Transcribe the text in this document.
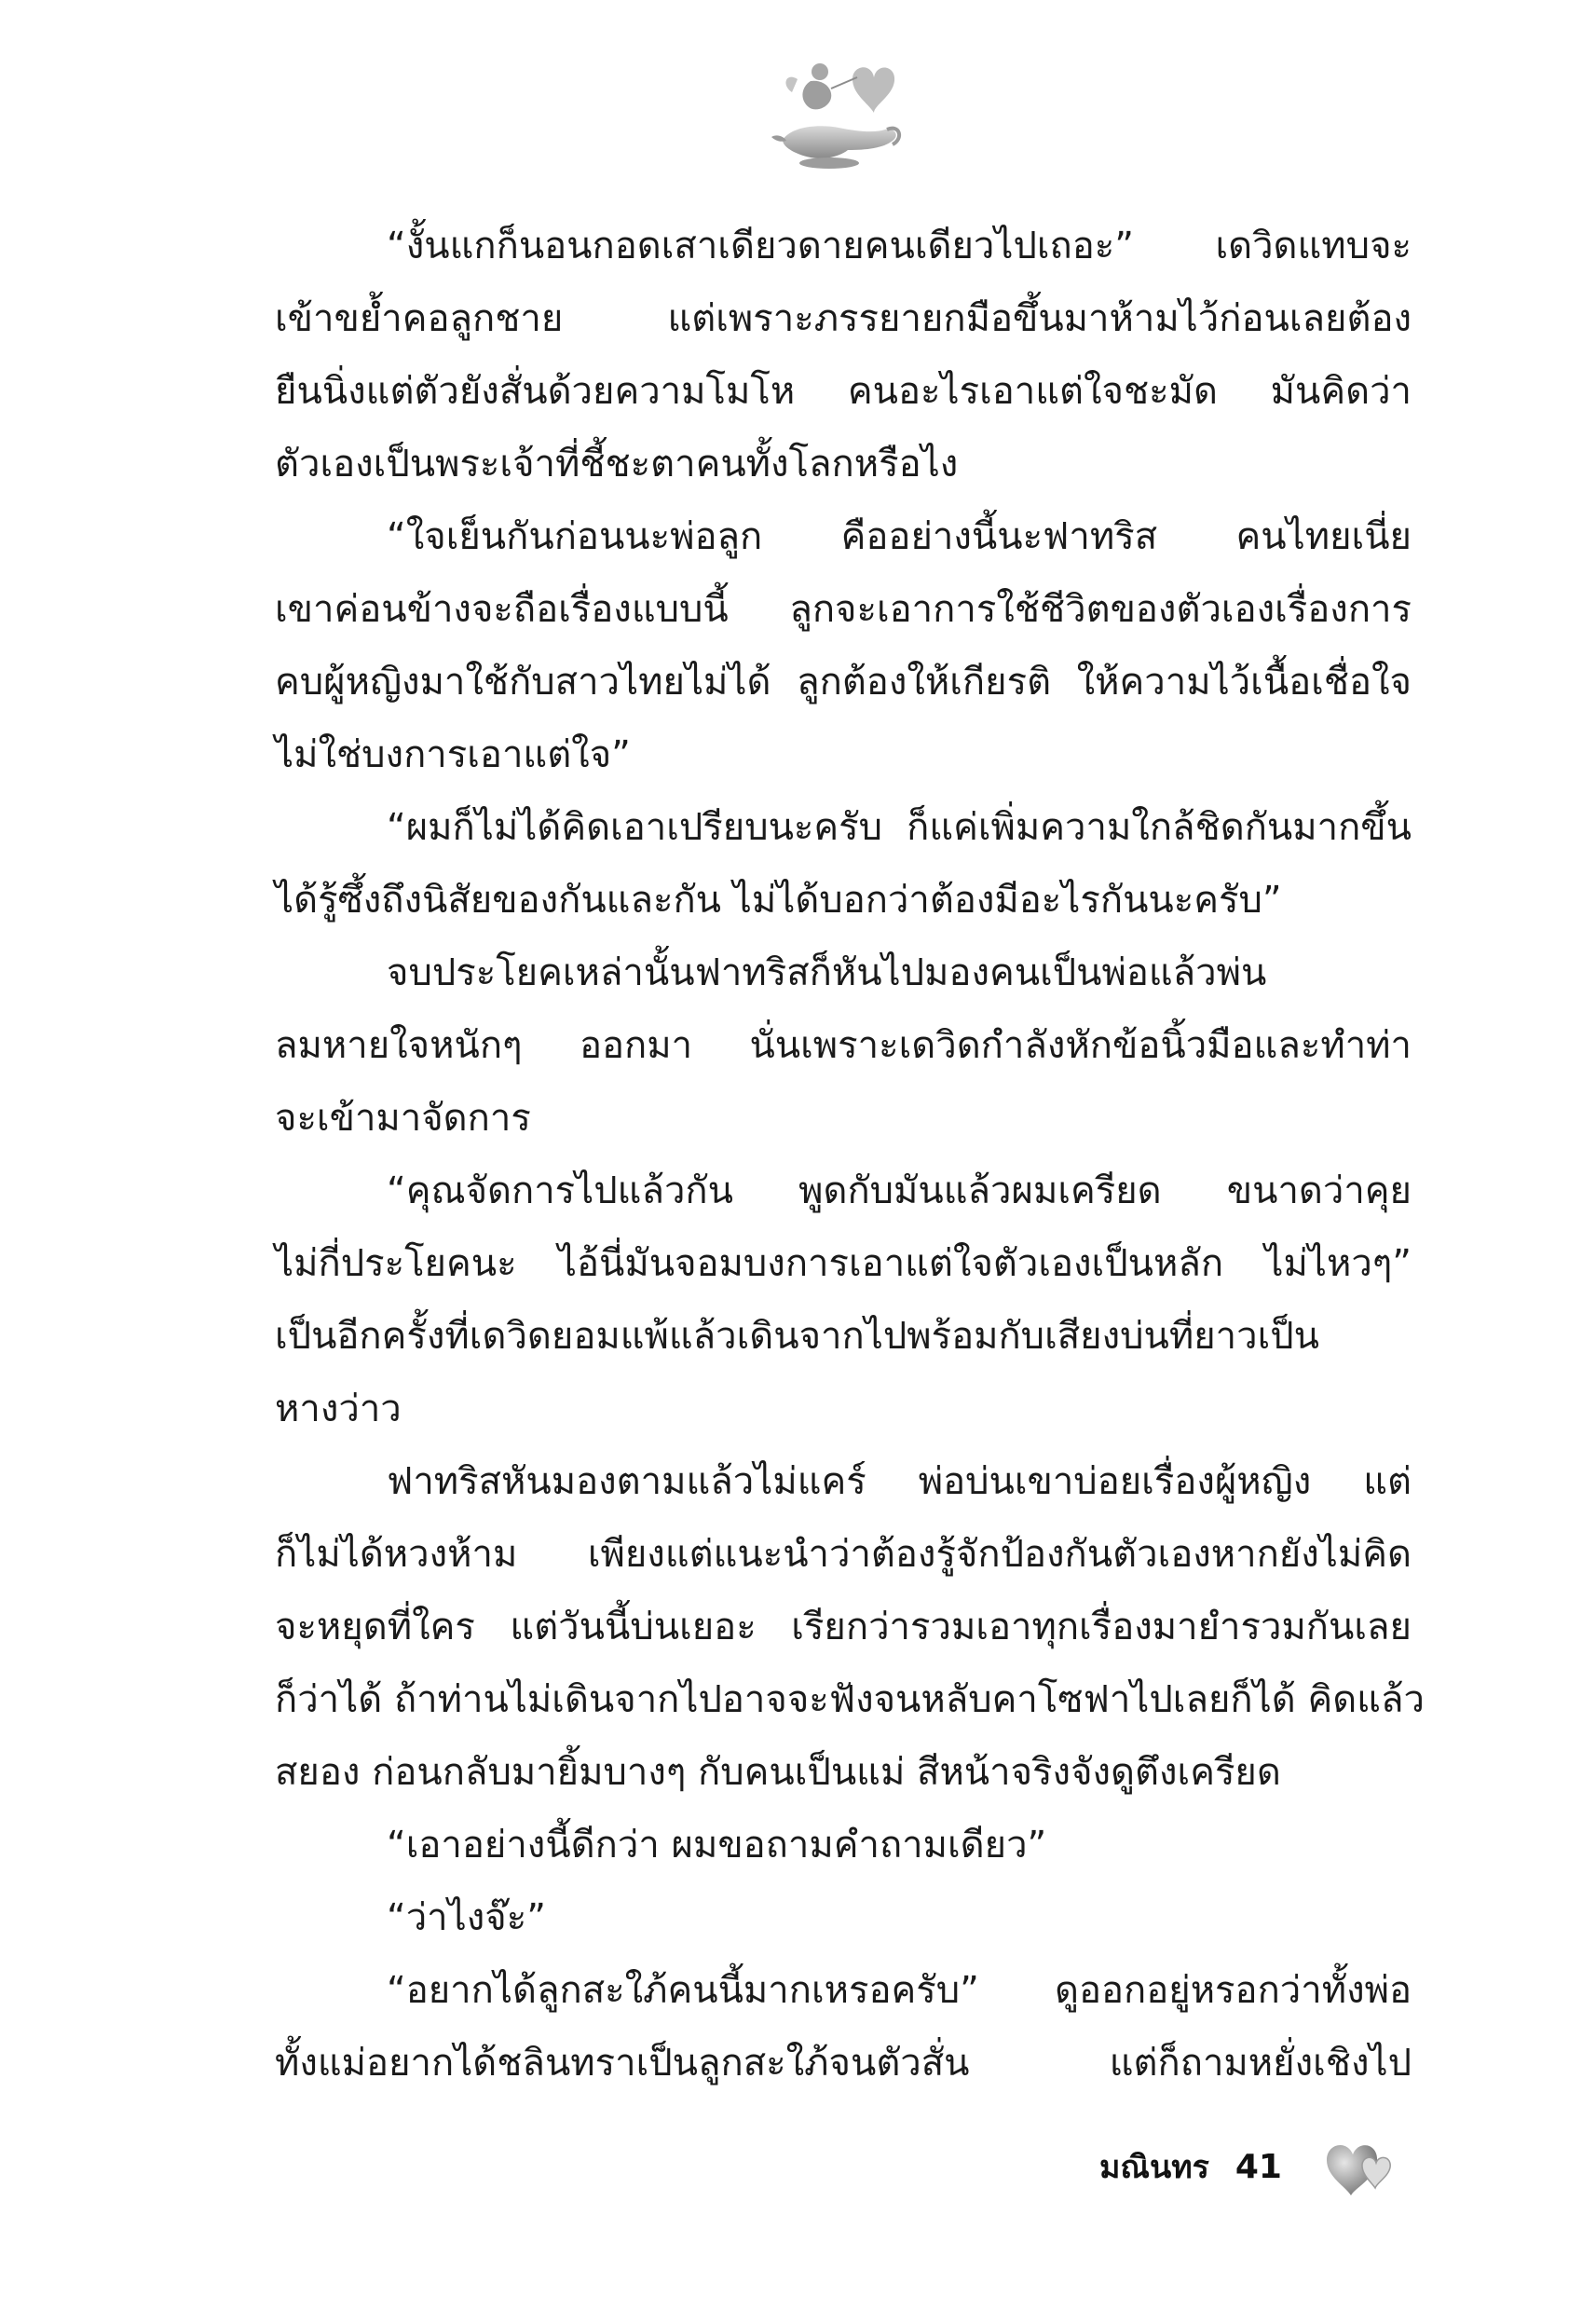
“งั้นแกก็นอนกอดเสาเดียวดายคนเดียวไปเถอะ” เดวิดแทบจะ
เข้าขย้ำคอลูกชาย แต่เพราะภรรยายกมือขึ้นมาห้ามไว้ก่อนเลยต้อง
ยืนนิ่งแต่ตัวยังสั่นด้วยความโมโห คนอะไรเอาแต่ใจชะมัด มันคิดว่า
ตัวเองเป็นพระเจ้าที่ชี้ชะตาคนทั้งโลกหรือไง
“ใจเย็นกันก่อนนะพ่อลูก คืออย่างนี้นะฟาทริส คนไทยเนี่ย
เขาค่อนข้างจะถือเรื่องแบบนี้ ลูกจะเอาการใช้ชีวิตของตัวเองเรื่องการ
คบผู้หญิงมาใช้กับสาวไทยไม่ได้ ลูกต้องให้เกียรติ ให้ความไว้เนื้อเชื่อใจ
ไม่ใช่บงการเอาแต่ใจ”
“ผมก็ไม่ได้คิดเอาเปรียบนะครับ ก็แค่เพิ่มความใกล้ชิดกันมากขึ้น
ได้รู้ซึ้งถึงนิสัยของกันและกัน ไม่ได้บอกว่าต้องมีอะไรกันนะครับ”
จบประโยคเหล่านั้นฟาทริสก็หันไปมองคนเป็นพ่อแล้วพ่น
ลมหายใจหนักๆ ออกมา นั่นเพราะเดวิดกำลังหักข้อนิ้วมือและทำท่า
จะเข้ามาจัดการ
“คุณจัดการไปแล้วกัน พูดกับมันแล้วผมเครียด ขนาดว่าคุย
ไม่กี่ประโยคนะ ไอ้นี่มันจอมบงการเอาแต่ใจตัวเองเป็นหลัก ไม่ไหวๆ”
เป็นอีกครั้งที่เดวิดยอมแพ้แล้วเดินจากไปพร้อมกับเสียงบ่นที่ยาวเป็น
หางว่าว
ฟาทริสหันมองตามแล้วไม่แคร์ พ่อบ่นเขาบ่อยเรื่องผู้หญิง แต่
ก็ไม่ได้หวงห้าม เพียงแต่แนะนำว่าต้องรู้จักป้องกันตัวเองหากยังไม่คิด
จะหยุดที่ใคร แต่วันนี้บ่นเยอะ เรียกว่ารวมเอาทุกเรื่องมายำรวมกันเลย
ก็ว่าได้ ถ้าท่านไม่เดินจากไปอาจจะฟังจนหลับคาโซฟาไปเลยก็ได้ คิดแล้ว
สยอง ก่อนกลับมายิ้มบางๆ กับคนเป็นแม่ สีหน้าจริงจังดูตึงเครียด
“เอาอย่างนี้ดีกว่า ผมขอถามคำถามเดียว”
“ว่าไงจ๊ะ”
“อยากได้ลูกสะใภ้คนนี้มากเหรอครับ” ดูออกอยู่หรอกว่าทั้งพ่อ
ทั้งแม่อยากได้ชลินทราเป็นลูกสะใภ้จนตัวสั่น แต่ก็ถามหยั่งเชิงไป
มณินทร 41
